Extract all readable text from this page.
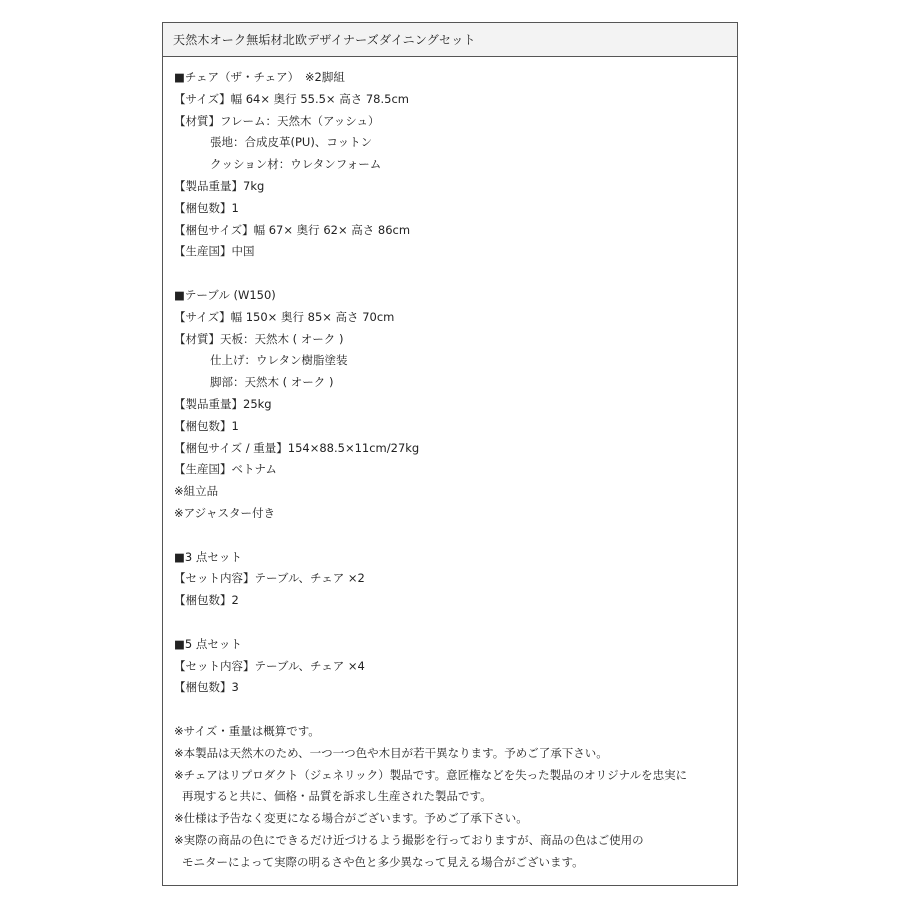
天然木オーク無垢材北欧デザイナーズダイニングセット
■チェア（ザ・チェア）　※2脚組
【サイズ】幅 64× 奥行 55.5× 高さ 78.5cm
【材質】フレーム：天然木（アッシュ）
張地：合成皮革(PU)、コットン
クッション材：ウレタンフォーム
【製品重量】7kg
【梱包数】1
【梱包サイズ】幅 67× 奥行 62× 高さ 86cm
【生産国】中国
■テーブル (W150)
【サイズ】幅 150× 奥行 85× 高さ 70cm
【材質】天板：天然木 ( オーク )
仕上げ：ウレタン樹脂塗装
脚部：天然木 ( オーク )
【製品重量】25kg
【梱包数】1
【梱包サイズ / 重量】154×88.5×11cm/27kg
【生産国】ベトナム
※組立品
※アジャスター付き
■3 点セット
【セット内容】テーブル、チェア ×2
【梱包数】2
■5 点セット
【セット内容】テーブル、チェア ×4
【梱包数】3
※サイズ・重量は概算です。
※本製品は天然木のため、一つ一つ色や木目が若干異なります。予めご了承下さい。
※チェアはリプロダクト（ジェネリック）製品です。意匠権などを失った製品のオリジナルを忠実に
再現すると共に、価格・品質を訴求し生産された製品です。
※仕様は予告なく変更になる場合がございます。予めご了承下さい。
※実際の商品の色にできるだけ近づけるよう撮影を行っておりますが、商品の色はご使用の
モニターによって実際の明るさや色と多少異なって見える場合がございます。
